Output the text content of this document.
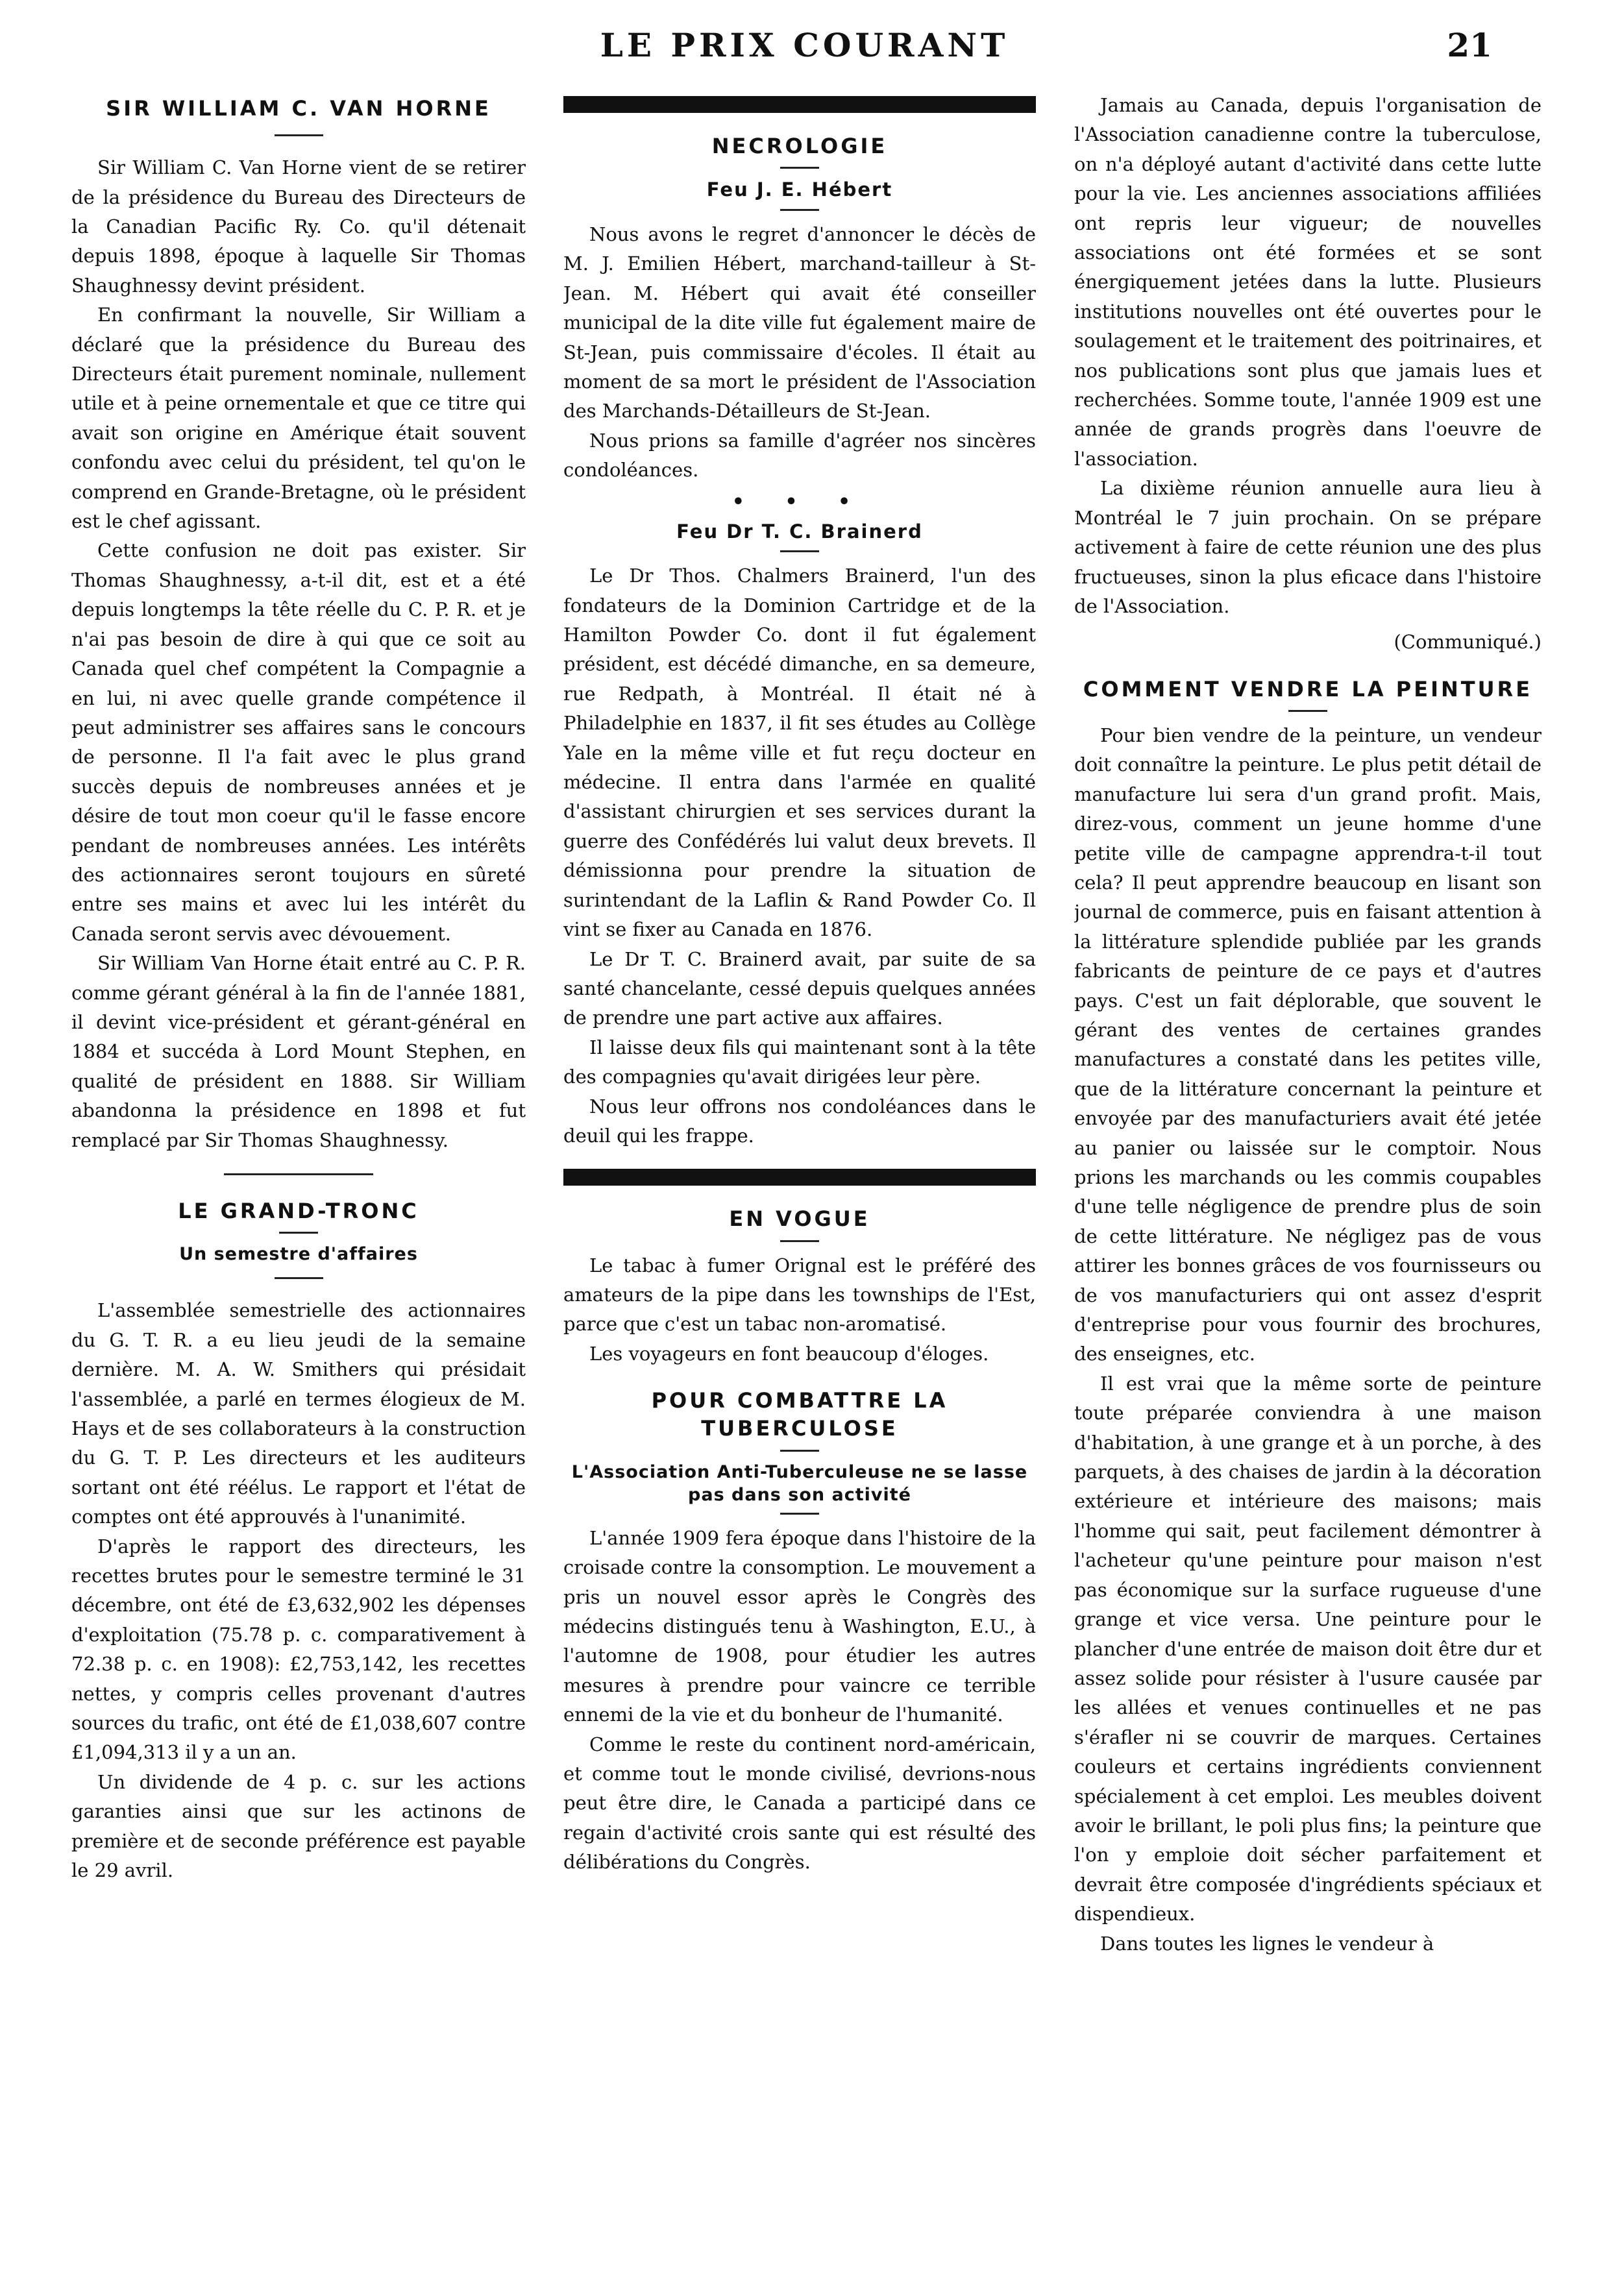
LE PRIX COURANT	21
SIR WILLIAM C. VAN HORNE

Sir William C. Van Horne vient de se retirer de la présidence du Bureau des Directeurs de la Canadian Pacific Ry. Co. qu'il détenait depuis 1898, époque à laquelle Sir Thomas Shaughnessy devint président.

En confirmant la nouvelle, Sir William a déclaré que la présidence du Bureau des Directeurs était purement nominale, nullement utile et à peine ornementale et que ce titre qui avait son origine en Amérique était souvent confondu avec celui du président, tel qu'on le comprend en Grande-Bretagne, où le président est le chef agissant.

Cette confusion ne doit pas exister. Sir Thomas Shaughnessy, a-t-il dit, est et a été depuis longtemps la tête réelle du C. P. R. et je n'ai pas besoin de dire à qui que ce soit au Canada quel chef compétent la Compagnie a en lui, ni avec quelle grande compétence il peut administrer ses affaires sans le concours de personne. Il l'a fait avec le plus grand succès depuis de nombreuses années et je désire de tout mon coeur qu'il le fasse encore pendant de nombreuses années. Les intérêts des actionnaires seront toujours en sûreté entre ses mains et avec lui les intérêt du Canada seront servis avec dévouement.

Sir William Van Horne était entré au C. P. R. comme gérant général à la fin de l'année 1881, il devint vice-président et gérant-général en 1884 et succéda à Lord Mount Stephen, en qualité de président en 1888. Sir William abandonna la présidence en 1898 et fut remplacé par Sir Thomas Shaughnessy.

LE GRAND-TRONC
Un semestre d'affaires

L'assemblée semestrielle des actionnaires du G. T. R. a eu lieu jeudi de la semaine dernière. M. A. W. Smithers qui présidait l'assemblée, a parlé en termes élogieux de M. Hays et de ses collaborateurs à la construction du G. T. P. Les directeurs et les auditeurs sortant ont été réélus. Le rapport et l'état de comptes ont été approuvés à l'unanimité.

D'après le rapport des directeurs, les recettes brutes pour le semestre terminé le 31 décembre, ont été de £3,632,902 les dépenses d'exploitation (75.78 p. c. comparativement à 72.38 p. c. en 1908): £2,753,142, les recettes nettes, y compris celles provenant d'autres sources du trafic, ont été de £1,038,607 contre £1,094,313 il y a un an.

Un dividende de 4 p. c. sur les actions garanties ainsi que sur les actinons de première et de seconde préférence est payable le 29 avril.

NECROLOGIE
Feu J. E. Hébert

Nous avons le regret d'annoncer le décès de M. J. Emilien Hébert, marchand-tailleur à St-Jean. M. Hébert qui avait été conseiller municipal de la dite ville fut également maire de St-Jean, puis commissaire d'écoles. Il était au moment de sa mort le président de l'Association des Marchands-Détailleurs de St-Jean.

Nous prions sa famille d'agréer nos sincères condoléances.

• • •
Feu Dr T. C. Brainerd

Le Dr Thos. Chalmers Brainerd, l'un des fondateurs de la Dominion Cartridge et de la Hamilton Powder Co. dont il fut également président, est décédé dimanche, en sa demeure, rue Redpath, à Montréal. Il était né à Philadelphie en 1837, il fit ses études au Collège Yale en la même ville et fut reçu docteur en médecine. Il entra dans l'armée en qualité d'assistant chirurgien et ses services durant la guerre des Confédérés lui valut deux brevets. Il démissionna pour prendre la situation de surintendant de la Laflin & Rand Powder Co. Il vint se fixer au Canada en 1876.

Le Dr T. C. Brainerd avait, par suite de sa santé chancelante, cessé depuis quelques années de prendre une part active aux affaires.

Il laisse deux fils qui maintenant sont à la tête des compagnies qu'avait dirigées leur père.

Nous leur offrons nos condoléances dans le deuil qui les frappe.

EN VOGUE

Le tabac à fumer Orignal est le préféré des amateurs de la pipe dans les townships de l'Est, parce que c'est un tabac non-aromatisé.

Les voyageurs en font beaucoup d'éloges.

POUR COMBATTRE LA TUBERCULOSE
L'Association Anti-Tuberculeuse ne se lasse pas dans son activité

L'année 1909 fera époque dans l'histoire de la croisade contre la consomption. Le mouvement a pris un nouvel essor après le Congrès des médecins distingués tenu à Washington, E.U., à l'automne de 1908, pour étudier les autres mesures à prendre pour vaincre ce terrible ennemi de la vie et du bonheur de l'humanité.

Comme le reste du continent nord-américain, et comme tout le monde civilisé, devrions-nous peut être dire, le Canada a participé dans ce regain d'activité crois sante qui est résulté des délibérations du Congrès.

Jamais au Canada, depuis l'organisation de l'Association canadienne contre la tuberculose, on n'a déployé autant d'activité dans cette lutte pour la vie. Les anciennes associations affiliées ont repris leur vigueur; de nouvelles associations ont été formées et se sont énergiquement jetées dans la lutte. Plusieurs institutions nouvelles ont été ouvertes pour le soulagement et le traitement des poitrinaires, et nos publications sont plus que jamais lues et recherchées. Somme toute, l'année 1909 est une année de grands progrès dans l'oeuvre de l'association.

La dixième réunion annuelle aura lieu à Montréal le 7 juin prochain. On se prépare activement à faire de cette réunion une des plus fructueuses, sinon la plus eficace dans l'histoire de l'Association.

(Communiqué.)

COMMENT VENDRE LA PEINTURE

Pour bien vendre de la peinture, un vendeur doit connaître la peinture. Le plus petit détail de manufacture lui sera d'un grand profit. Mais, direz-vous, comment un jeune homme d'une petite ville de campagne apprendra-t-il tout cela? Il peut apprendre beaucoup en lisant son journal de commerce, puis en faisant attention à la littérature splendide publiée par les grands fabricants de peinture de ce pays et d'autres pays. C'est un fait déplorable, que souvent le gérant des ventes de certaines grandes manufactures a constaté dans les petites ville, que de la littérature concernant la peinture et envoyée par des manufacturiers avait été jetée au panier ou laissée sur le comptoir. Nous prions les marchands ou les commis coupables d'une telle négligence de prendre plus de soin de cette littérature. Ne négligez pas de vous attirer les bonnes grâces de vos fournisseurs ou de vos manufacturiers qui ont assez d'esprit d'entreprise pour vous fournir des brochures, des enseignes, etc.

Il est vrai que la même sorte de peinture toute préparée conviendra à une maison d'habitation, à une grange et à un porche, à des parquets, à des chaises de jardin à la décoration extérieure et intérieure des maisons; mais l'homme qui sait, peut facilement démontrer à l'acheteur qu'une peinture pour maison n'est pas économique sur la surface rugueuse d'une grange et vice versa. Une peinture pour le plancher d'une entrée de maison doit être dur et assez solide pour résister à l'usure causée par les allées et venues continuelles et ne pas s'érafler ni se couvrir de marques. Certaines couleurs et certains ingrédients conviennent spécialement à cet emploi. Les meubles doivent avoir le brillant, le poli plus fins; la peinture que l'on y emploie doit sécher parfaitement et devrait être composée d'ingrédients spéciaux et dispendieux.

Dans toutes les lignes le vendeur à
